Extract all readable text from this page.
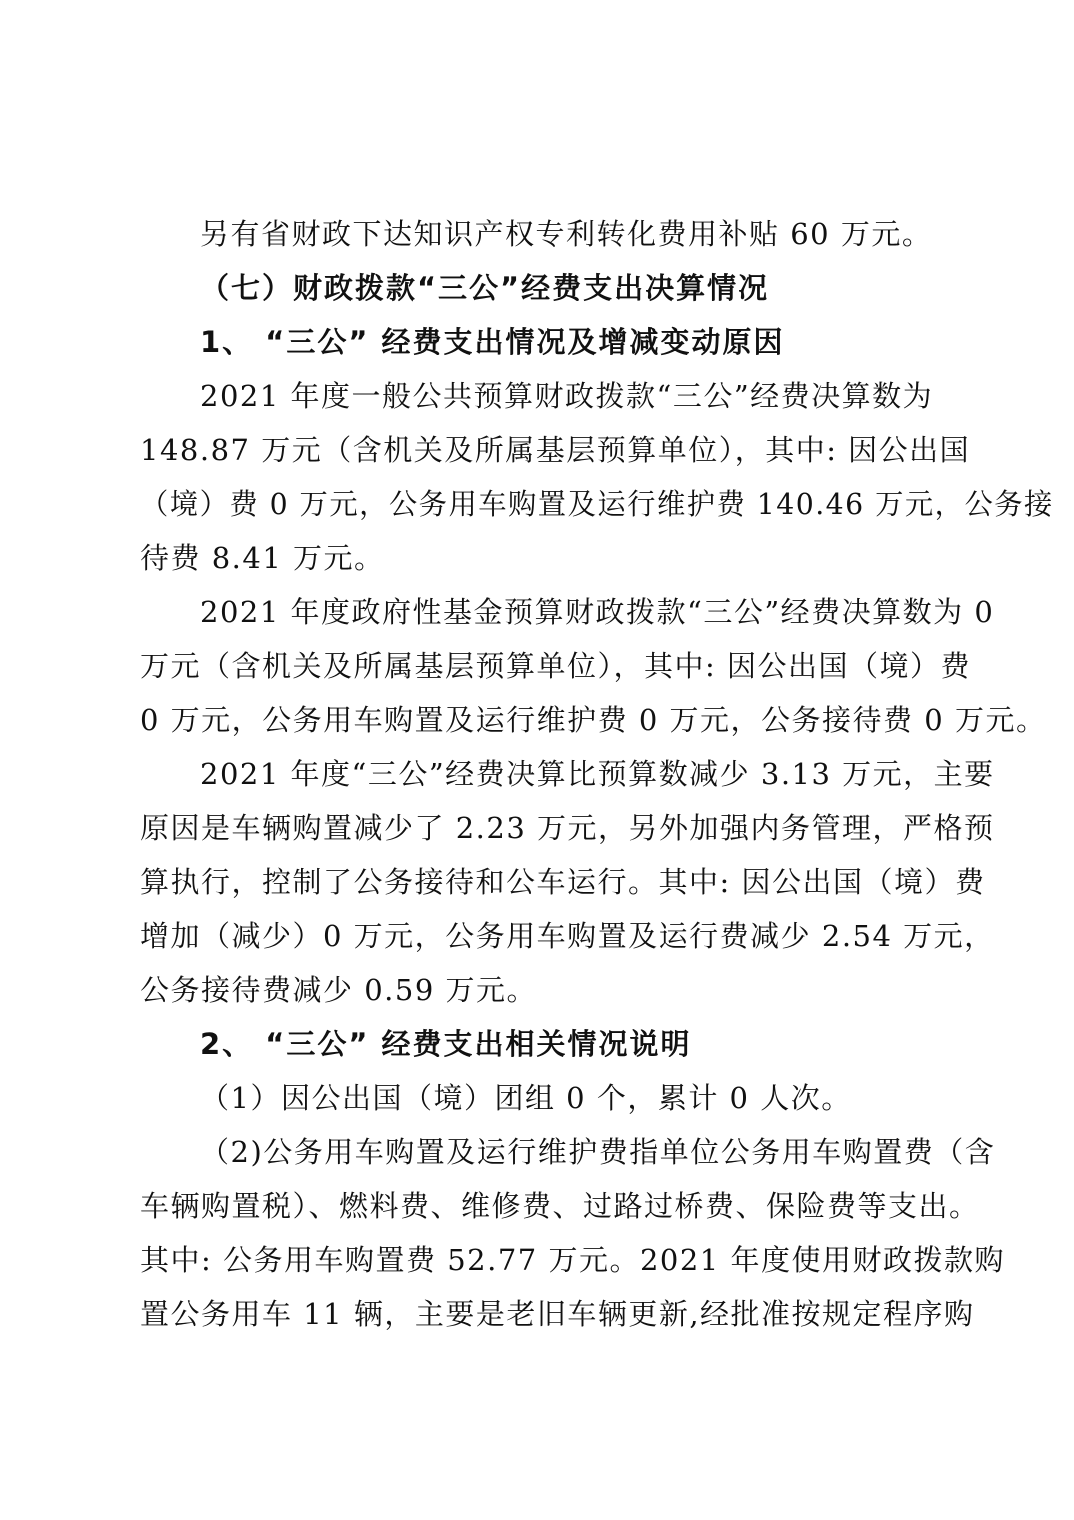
另有省财政下达知识产权专利转化费用补贴 60 万元。
（七）财政拨款“三公”经费支出决算情况
1、 “三公” 经费支出情况及增减变动原因
2021 年度一般公共预算财政拨款“三公”经费决算数为
148.87 万元（含机关及所属基层预算单位），其中: 因公出国
（境）费 0 万元，公务用车购置及运行维护费 140.46 万元，公务接
待费 8.41 万元。
2021 年度政府性基金预算财政拨款“三公”经费决算数为 0
万元（含机关及所属基层预算单位），其中: 因公出国（境）费
0 万元，公务用车购置及运行维护费 0 万元，公务接待费 0 万元。
2021 年度“三公”经费决算比预算数减少 3.13 万元，主要
原因是车辆购置减少了 2.23 万元，另外加强内务管理，严格预
算执行，控制了公务接待和公车运行。其中: 因公出国（境）费
增加（减少）0 万元，公务用车购置及运行费减少 2.54 万元，
公务接待费减少 0.59 万元。
2、 “三公” 经费支出相关情况说明
（1）因公出国（境）团组 0 个，累计 0 人次。
（2)公务用车购置及运行维护费指单位公务用车购置费（含
车辆购置税）、燃料费、维修费、过路过桥费、保险费等支出。
其中: 公务用车购置费 52.77 万元。2021 年度使用财政拨款购
置公务用车 11 辆，主要是老旧车辆更新,经批准按规定程序购
